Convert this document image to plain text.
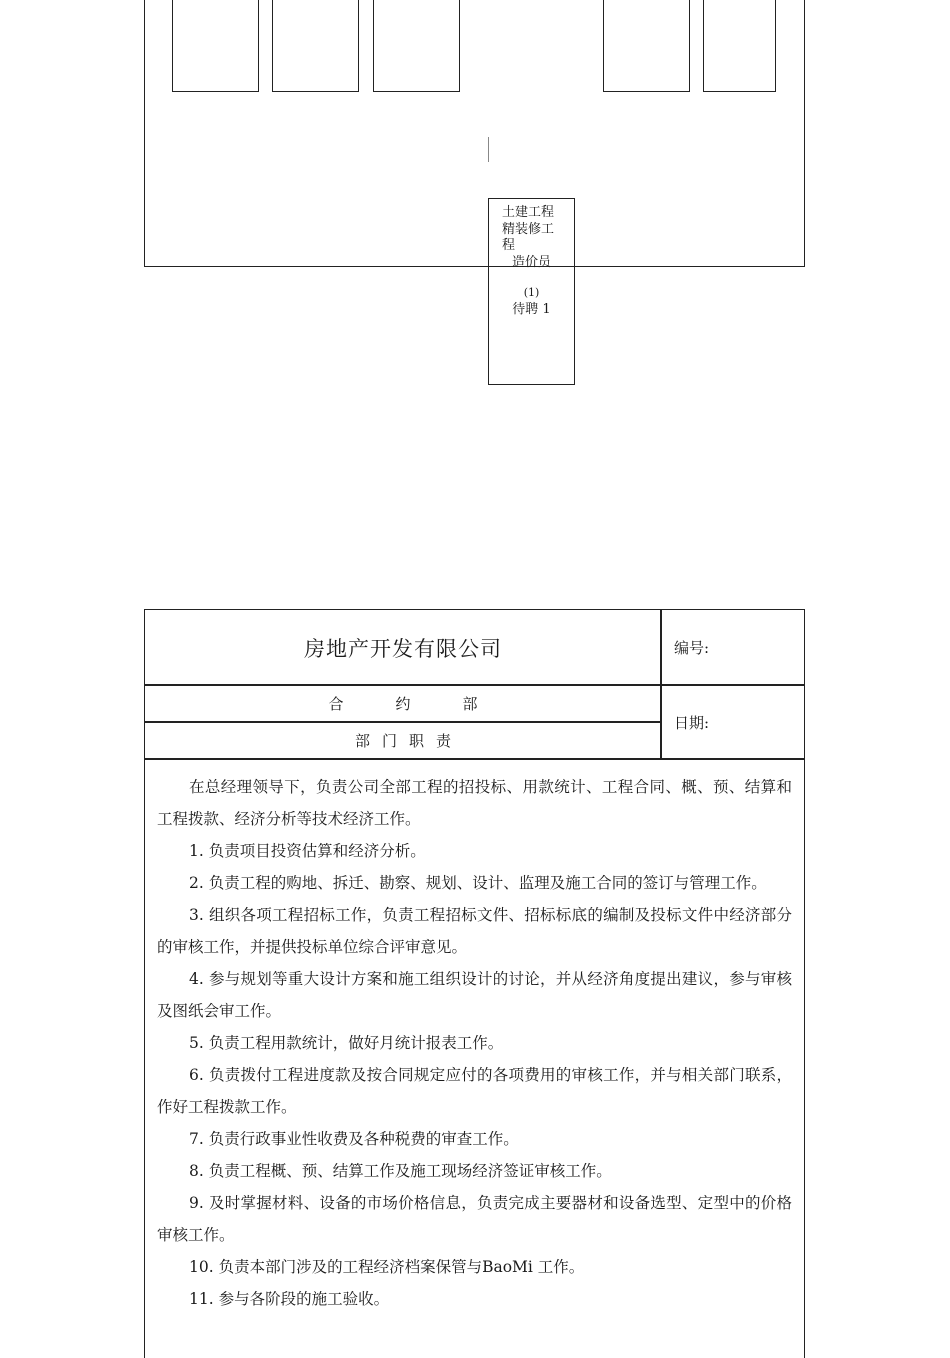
土建工程
精装修工
程
造价员
(1)
待聘 1
房地产开发有限公司	编号:
合	约	部
日期:
部 门 职 责

在总经理领导下，负责公司全部工程的招投标、用款统计、工程合同、概、预、结算和工程拨款、经济分析等技术经济工作。

1. 负责项目投资估算和经济分析。

2. 负责工程的购地、拆迁、勘察、规划、设计、监理及施工合同的签订与管理工作。

3. 组织各项工程招标工作，负责工程招标文件、招标标底的编制及投标文件中经济部分的审核工作，并提供投标单位综合评审意见。

4. 参与规划等重大设计方案和施工组织设计的讨论，并从经济角度提出建议，参与审核及图纸会审工作。

5. 负责工程用款统计，做好月统计报表工作。

6. 负责拨付工程进度款及按合同规定应付的各项费用的审核工作，并与相关部门联系，作好工程拨款工作。

7. 负责行政事业性收费及各种税费的审查工作。

8. 负责工程概、预、结算工作及施工现场经济签证审核工作。

9. 及时掌握材料、设备的市场价格信息，负责完成主要器材和设备选型、定型中的价格审核工作。

10. 负责本部门涉及的工程经济档案保管与BaoMi 工作。

11. 参与各阶段的施工验收。
